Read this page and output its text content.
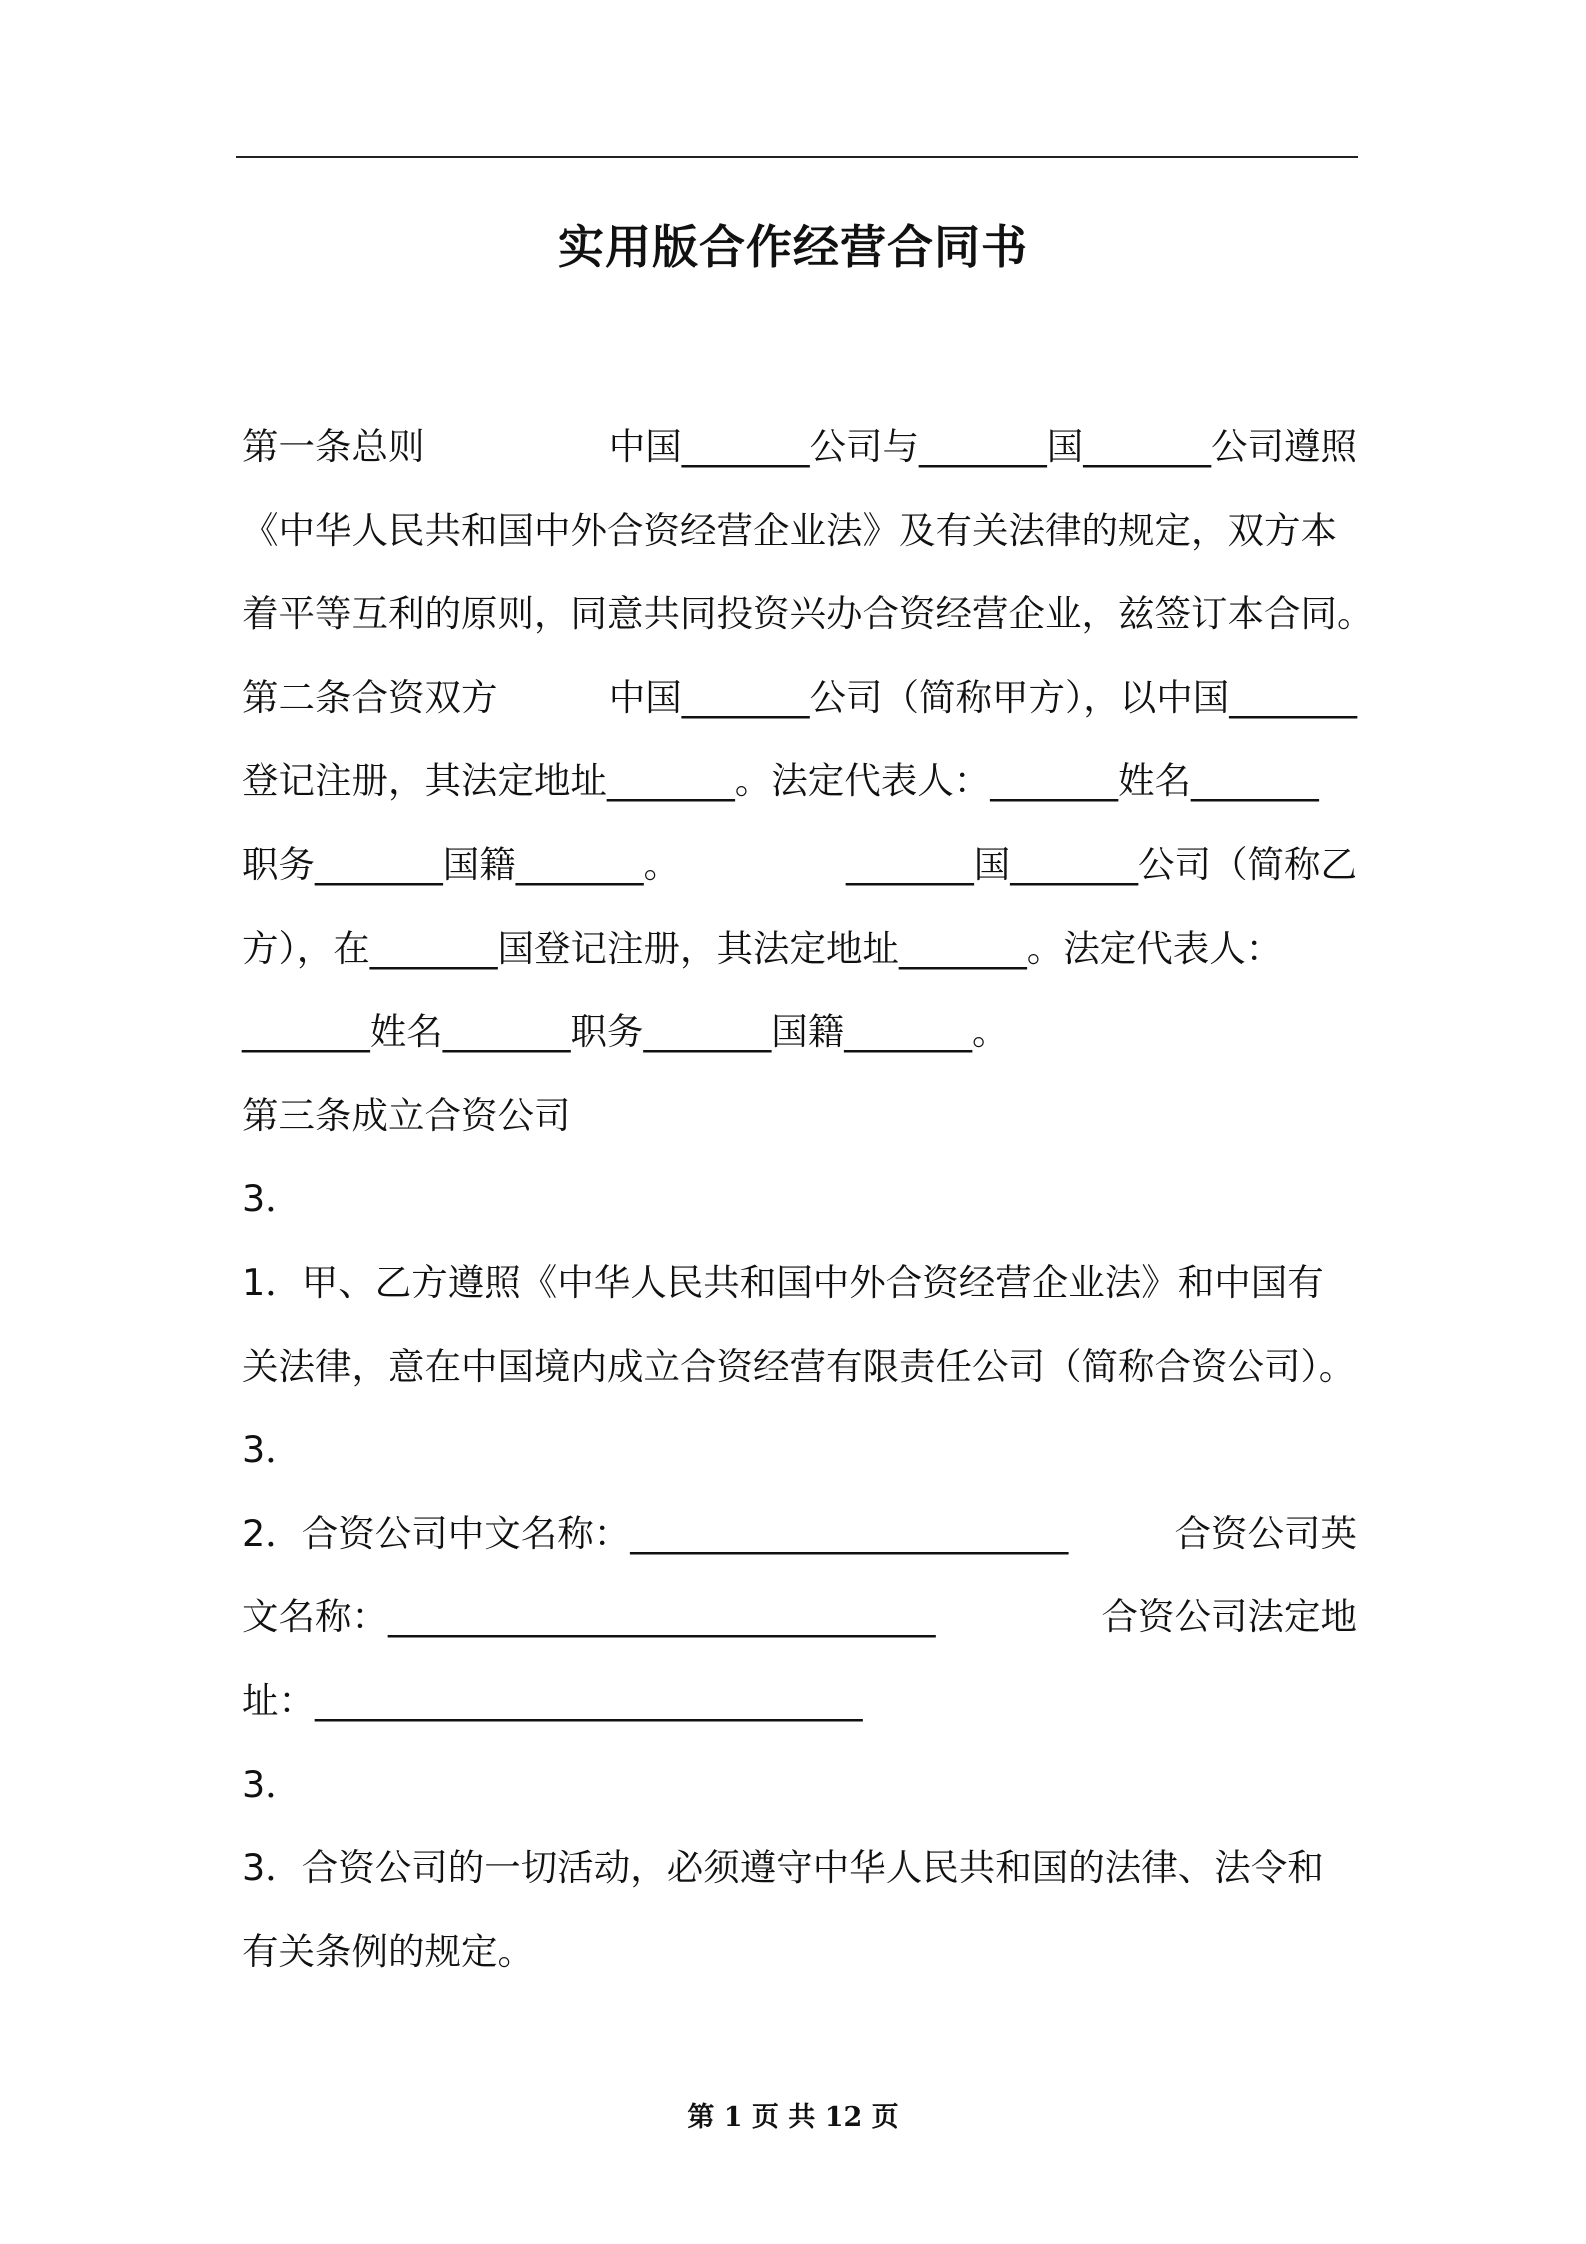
实用版合作经营合同书
第一条总则	中国_______公司与_______国_______公司遵照
《中华人民共和国中外合资经营企业法》及有关法律的规定，双方本
着平等互利的原则，同意共同投资兴办合资经营企业，兹签订本合同。
第二条合资双方	中国_______公司（简称甲方），以中国_______
登记注册，其法定地址_______。法定代表人：_______姓名_______
职务_______国籍_______。	_______国_______公司（简称乙
方），在_______国登记注册，其法定地址_______。法定代表人：
_______姓名_______职务_______国籍_______。
第三条成立合资公司
3．
1．甲、乙方遵照《中华人民共和国中外合资经营企业法》和中国有
关法律，意在中国境内成立合资经营有限责任公司（简称合资公司）。
3．
2．合资公司中文名称：________________________	合资公司英
文名称：______________________________	合资公司法定地
址：______________________________
3．
3．合资公司的一切活动，必须遵守中华人民共和国的法律、法令和
有关条例的规定。
第 1 页 共 12 页
